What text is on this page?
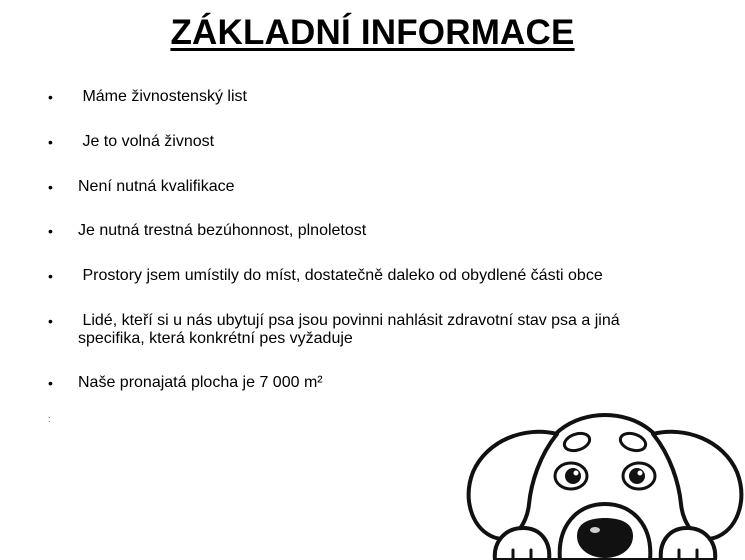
ZÁKLADNÍ INFORMACE
•	Máme živnostenský list
•	Je to volná živnost
•	Není nutná kvalifikace
•	Je nutná trestná bezúhonnost, plnoletost
•	Prostory jsem umístily do míst, dostatečně daleko od obydlené části obce
•	Lidé, kteří si u nás ubytují psa jsou povinni nahlásit zdravotní stav psa a jiná specifika, která konkrétní pes vyžaduje
•	Naše pronajatá plocha je 7 000 m²
:
